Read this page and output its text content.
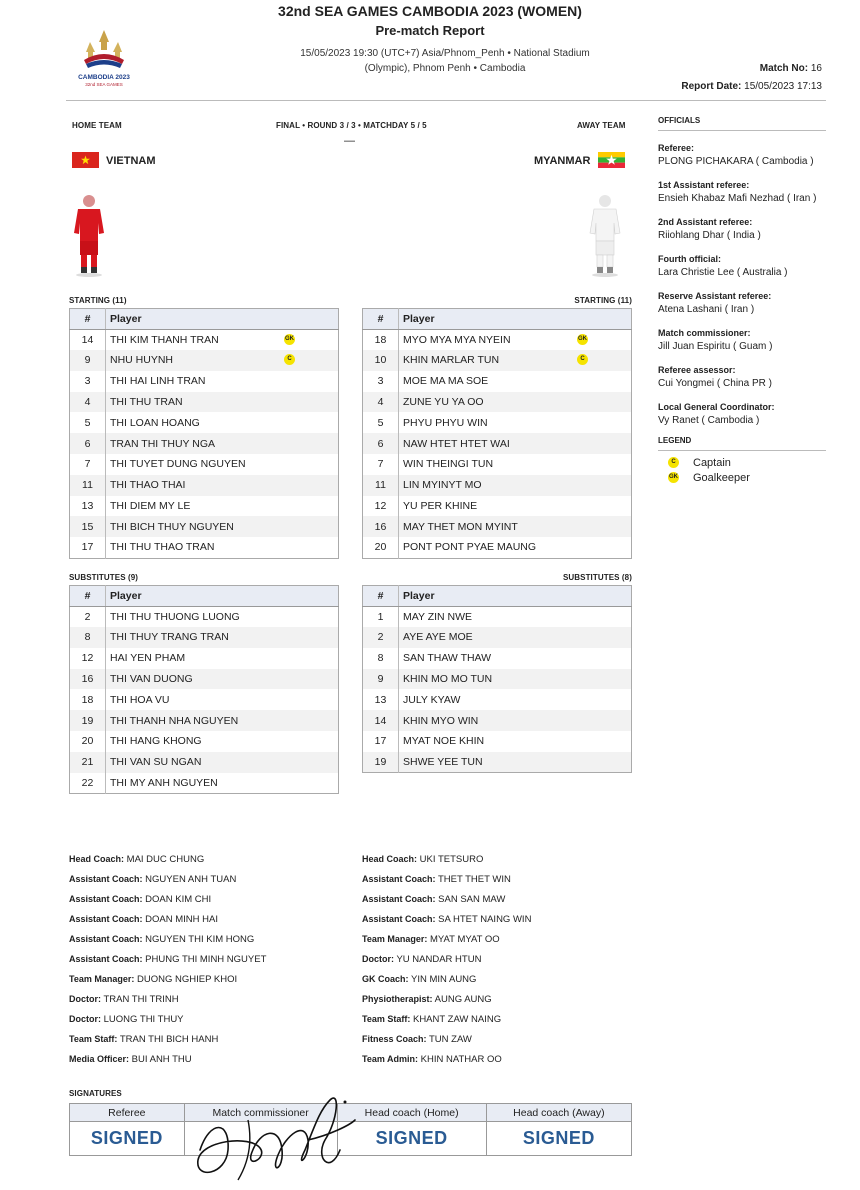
32nd SEA GAMES CAMBODIA 2023 (WOMEN)
Pre-match Report
15/05/2023 19:30 (UTC+7) Asia/Phnom_Penh • National Stadium
(Olympic), Phnom Penh • Cambodia
CAMBODIA 2023
32nd SEA GAMES
Match No: 16
Report Date: 15/05/2023 17:13
HOME TEAM	FINAL • ROUND 3 / 3 • MATCHDAY 5 / 5	AWAY TEAM
—
VIETNAM	MYANMAR
STARTING (11)	STARTING (11)
SUBSTITUTES (9)	SUBSTITUTES (8)
#	Player
14	THI KIM THANH TRAN GK

9	NHU HUYNH C

3	THI HAI LINH TRAN
4	THI THU TRAN
5	THI LOAN HOANG
6	TRAN THI THUY NGA
7	THI TUYET DUNG NGUYEN
11	THI THAO THAI
13	THI DIEM MY LE
15	THI BICH THUY NGUYEN
17	THI THU THAO TRAN
#	Player
18	MYO MYA MYA NYEIN GK

10	KHIN MARLAR TUN C

3	MOE MA MA SOE
4	ZUNE YU YA OO
5	PHYU PHYU WIN
6	NAW HTET HTET WAI
7	WIN THEINGI TUN
11	LIN MYINYT MO
12	YU PER KHINE
16	MAY THET MON MYINT
20	PONT PONT PYAE MAUNG
#	Player
2	THI THU THUONG LUONG
8	THI THUY TRANG TRAN
12	HAI YEN PHAM
16	THI VAN DUONG
18	THI HOA VU
19	THI THANH NHA NGUYEN
20	THI HANG KHONG
21	THI VAN SU NGAN
22	THI MY ANH NGUYEN
#	Player
1	MAY ZIN NWE
2	AYE AYE MOE
8	SAN THAW THAW
9	KHIN MO MO TUN
13	JULY KYAW
14	KHIN MYO WIN
17	MYAT NOE KHIN
19	SHWE YEE TUN
OFFICIALS
Referee:
PLONG PICHAKARA ( Cambodia )
1st Assistant referee:
Ensieh Khabaz Mafi Nezhad ( Iran )
2nd Assistant referee:
Riiohlang Dhar ( India )
Fourth official:
Lara Christie Lee ( Australia )
Reserve Assistant referee:
Atena Lashani ( Iran )
Match commissioner:
Jill Juan Espiritu ( Guam )
Referee assessor:
Cui Yongmei ( China PR )
Local General Coordinator:
Vy Ranet ( Cambodia )
LEGEND
C	Captain
GK Goalkeeper
Head Coach: MAI DUC CHUNG
Assistant Coach: NGUYEN ANH TUAN
Assistant Coach: DOAN KIM CHI
Assistant Coach: DOAN MINH HAI
Assistant Coach: NGUYEN THI KIM HONG
Assistant Coach: PHUNG THI MINH NGUYET
Team Manager: DUONG NGHIEP KHOI
Doctor: TRAN THI TRINH
Doctor: LUONG THI THUY
Team Staff: TRAN THI BICH HANH
Media Officer: BUI ANH THU
Head Coach: UKI TETSURO
Assistant Coach: THET THET WIN
Assistant Coach: SAN SAN MAW
Assistant Coach: SA HTET NAING WIN
Team Manager: MYAT MYAT OO
Doctor: YU NANDAR HTUN
GK Coach: YIN MIN AUNG
Physiotherapist: AUNG AUNG
Team Staff: KHANT ZAW NAING
Fitness Coach: TUN ZAW
Team Admin: KHIN NATHAR OO
SIGNATURES
Referee	Match commissioner	Head coach (Home)	Head coach (Away)
SIGNED		SIGNED	SIGNED
